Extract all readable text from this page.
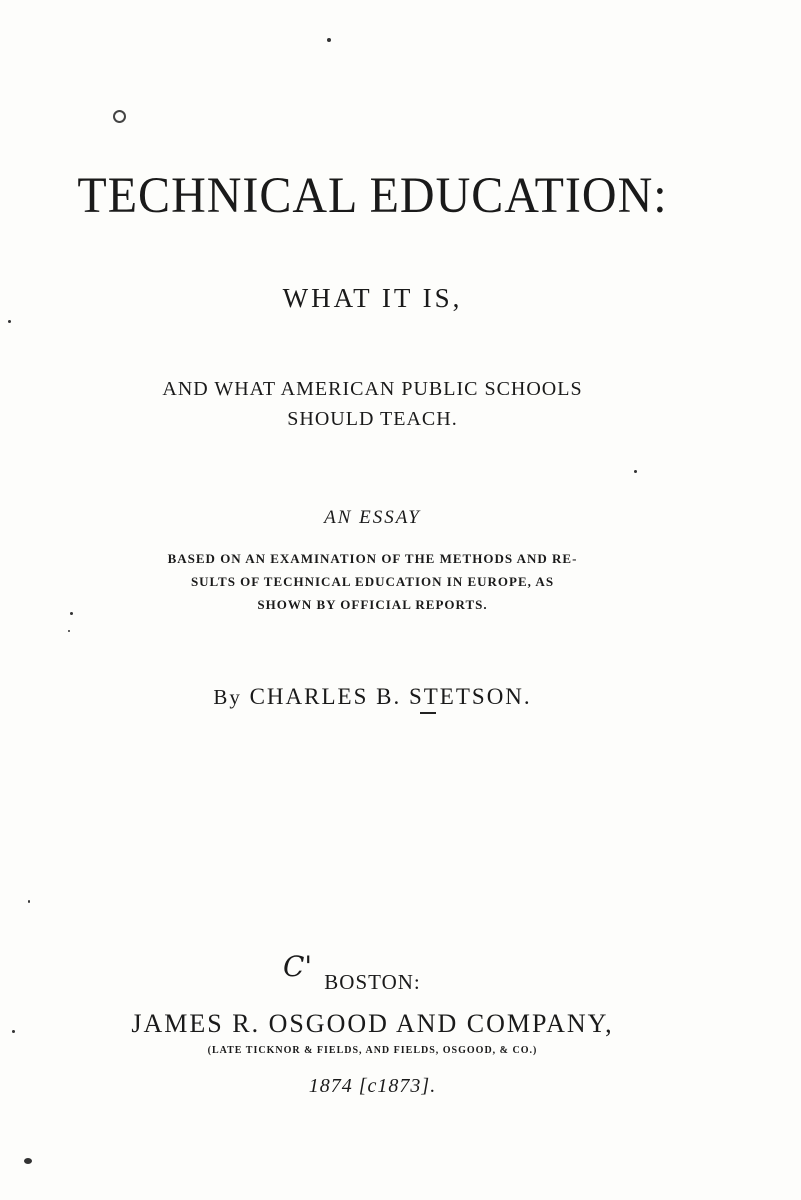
TECHNICAL EDUCATION:
WHAT IT IS,
AND WHAT AMERICAN PUBLIC SCHOOLS
SHOULD TEACH.
AN ESSAY
BASED ON AN EXAMINATION OF THE METHODS AND RE-
SULTS OF TECHNICAL EDUCATION IN EUROPE, AS
SHOWN BY OFFICIAL REPORTS.
By CHARLES B. STETSON.
C' BOSTON:
JAMES R. OSGOOD AND COMPANY,
(LATE TICKNOR & FIELDS, AND FIELDS, OSGOOD, & CO.)
1874 [c1873].
